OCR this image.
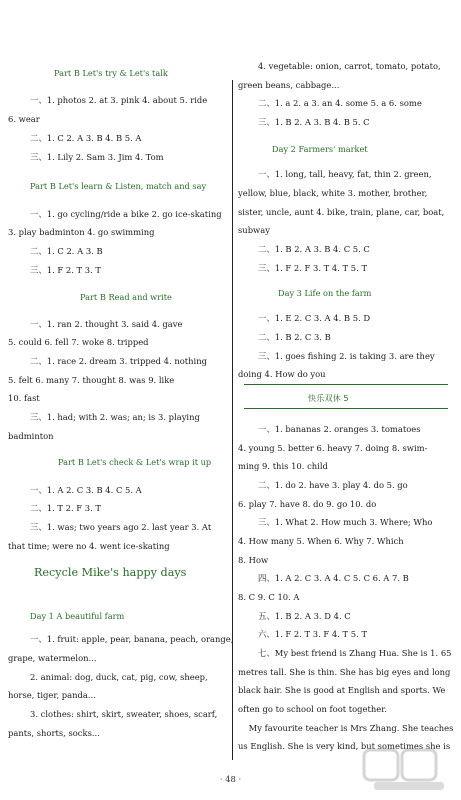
Part B Let's try & Let's talk
一、1. photos 2. at 3. pink 4. about 5. ride
6. wear
二、1. C 2. A 3. B 4. B 5. A
三、1. Lily 2. Sam 3. Jim 4. Tom
Part B Let's learn & Listen, match and say
一、1. go cycling/ride a bike 2. go ice-skating
3. play badminton 4. go swimming
二、1. C 2. A 3. B
三、1. F 2. T 3. T
Part B Read and write
一、1. ran 2. thought 3. said 4. gave
5. could 6. fell 7. woke 8. tripped
二、1. race 2. dream 3. tripped 4. nothing
5. felt 6. many 7. thought 8. was 9. like
10. fast
三、1. had; with 2. was; an; is 3. playing
badminton
Part B Let's check & Let's wrap it up
一、1. A 2. C 3. B 4. C 5. A
二、1. T 2. F 3. T
三、1. was; two years ago 2. last year 3. At
that time; were no 4. went ice-skating
Recycle Mike's happy days
Day 1 A beautiful farm
一、1. fruit: apple, pear, banana, peach, orange,
grape, watermelon...
2. animal: dog, duck, cat, pig, cow, sheep,
horse, tiger, panda...
3. clothes: shirt, skirt, sweater, shoes, scarf,
pants, shorts, socks...
4. vegetable: onion, carrot, tomato, potato,
green beans, cabbage...
二、1. a 2. a 3. an 4. some 5. a 6. some
三、1. B 2. A 3. B 4. B 5. C
Day 2 Farmers' market
一、1. long, tall, heavy, fat, thin 2. green,
yellow, blue, black, white 3. mother, brother,
sister, uncle, aunt 4. bike, train, plane, car, boat,
subway
二、1. B 2. A 3. B 4. C 5. C
三、1. F 2. F 3. T 4. T 5. T
Day 3 Life on the farm
一、1. E 2. C 3. A 4. B 5. D
二、1. B 2. C 3. B
三、1. goes fishing 2. is taking 3. are they
doing 4. How do you
快乐双休 5
一、1. bananas 2. oranges 3. tomatoes
4. young 5. better 6. heavy 7. doing 8. swim-
ming 9. this 10. child
二、1. do 2. have 3. play 4. do 5. go
6. play 7. have 8. do 9. go 10. do
三、1. What 2. How much 3. Where; Who
4. How many 5. When 6. Why 7. Which
8. How
四、1. A 2. C 3. A 4. C 5. C 6. A 7. B
8. C 9. C 10. A
五、1. B 2. A 3. D 4. C
六、1. F 2. T 3. F 4. T 5. T
七、My best friend is Zhang Hua. She is 1. 65
metres tall. She is thin. She has big eyes and long
black hair. She is good at English and sports. We
often go to school on foot together.
My favourite teacher is Mrs Zhang. She teaches
us English. She is very kind, but sometimes she is
· 48 ·
